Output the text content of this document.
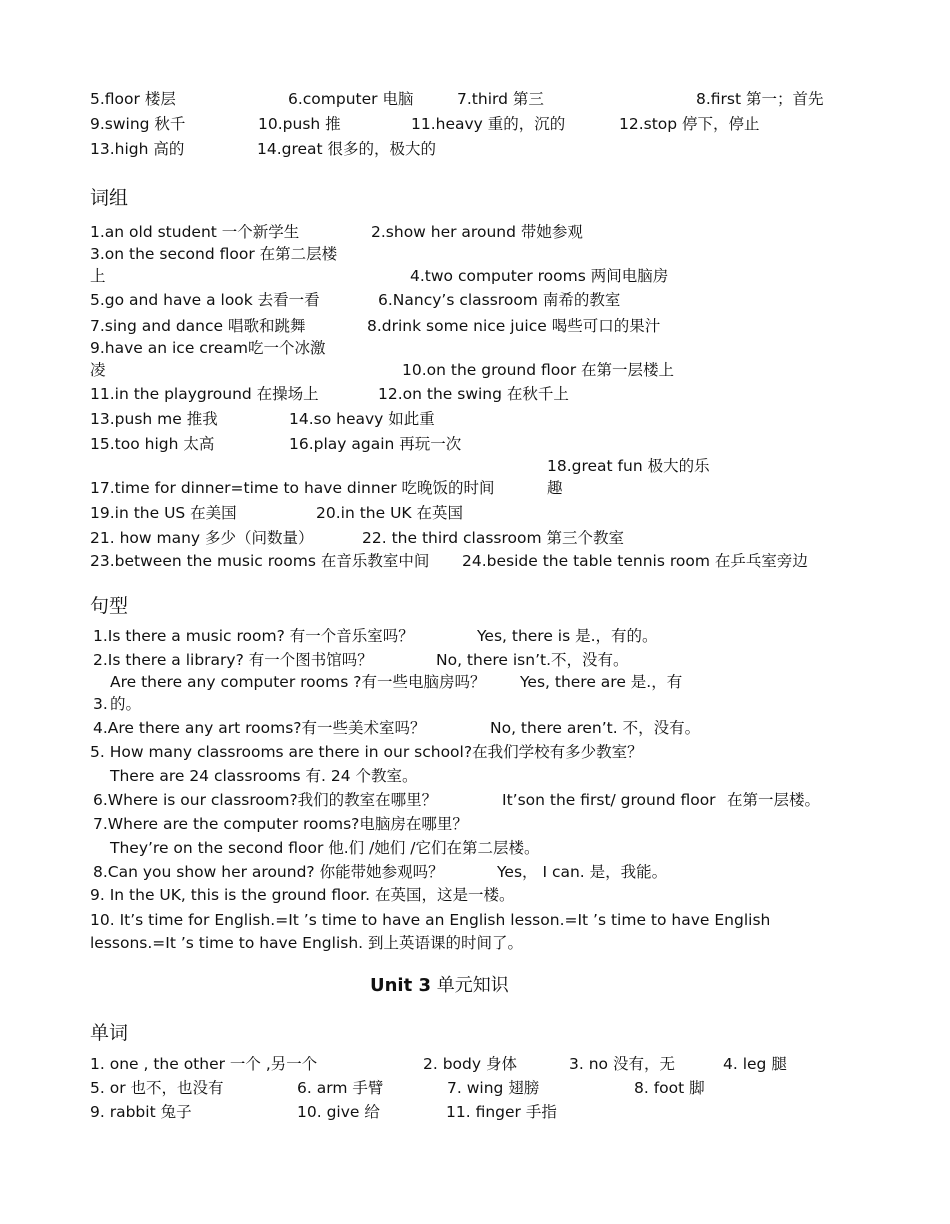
5.floor 楼层	6.computer 电脑	7.third 第三	8.first 第一；首先
9.swing 秋千	10.push 推	11.heavy 重的，沉的	12.stop 停下，停止
13.high 高的	14.great 很多的，极大的
词组
1.an old student 一个新学生	2.show her around 带她参观
3.on the second floor 在第二层楼
上	4.two computer rooms 两间电脑房
5.go and have a look 去看一看	6.Nancy’s classroom 南希的教室
7.sing and dance 唱歌和跳舞	8.drink some nice juice 喝些可口的果汁
9.have an ice cream吃一个冰激
凌	10.on the ground floor 在第一层楼上
11.in the playground 在操场上	12.on the swing 在秋千上
13.push me 推我	14.so heavy 如此重
15.too high 太高	16.play again 再玩一次
18.great fun 极大的乐
趣
17.time for dinner=time to have dinner 吃晚饭的时间
19.in the US 在美国	20.in the UK 在英国
21. how many 多少（问数量）	22. the third classroom 第三个教室
23.between the music rooms 在音乐教室中间 24.beside the table tennis room 在乒乓室旁边
句型
1.Is there a music room? 有一个音乐室吗？	Yes, there is 是.，有的。
2.Is there a library? 有一个图书馆吗？	No, there isn’t.不，没有。
Are there any computer rooms ?有一些电脑房吗？ Yes, there are 是.，有
3. 的。
4.Are there any art rooms?有一些美术室吗？	No, there aren’t. 不，没有。
5. How many classrooms are there in our school?在我们学校有多少教室？
There are 24 classrooms 有. 24 个教室。
6.Where is our classroom?我们的教室在哪里？	It’son the first/ ground floor 在第一层楼。
7.Where are the computer rooms?电脑房在哪里？
They’re on the second floor 他.们 /她们 /它们在第二层楼。
8.Can you show her around? 你能带她参观吗？	Yes， I can. 是，我能。
9. In the UK, this is the ground floor. 在英国，这是一楼。
10. It’s time for English.=It ’s time to have an English lesson.=It ’s time to have English
lessons.=It ’s time to have English. 到上英语课的时间了。
Unit 3 单元知识
单词
1. one , the other 一个 ,另一个	2. body 身体	3. no 没有，无	4. leg 腿
5. or 也不，也没有	6. arm 手臂	7. wing 翅膀	8. foot 脚
9. rabbit 兔子	10. give 给	11. finger 手指
